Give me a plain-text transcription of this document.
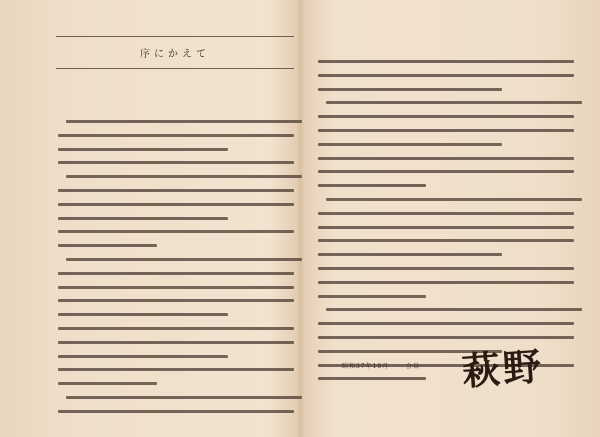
序にかえて
昭和37年10月	会長 萩野
